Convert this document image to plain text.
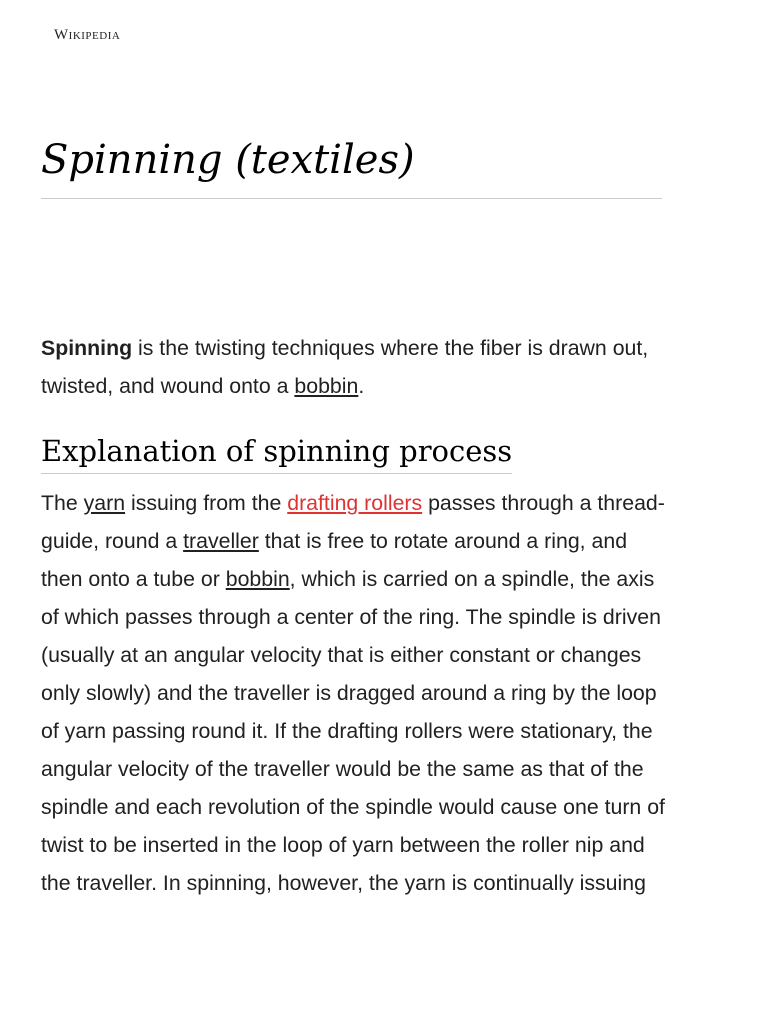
Wikipedia
Spinning (textiles)

Spinning is the twisting techniques where the fiber is drawn out, twisted, and wound onto a bobbin.

Explanation of spinning process

The yarn issuing from the drafting rollers passes through a thread-guide, round a traveller that is free to rotate around a ring, and then onto a tube or bobbin, which is carried on a spindle, the axis of which passes through a center of the ring. The spindle is driven (usually at an angular velocity that is either constant or changes only slowly) and the traveller is dragged around a ring by the loop of yarn passing round it. If the drafting rollers were stationary, the angular velocity of the traveller would be the same as that of the spindle and each revolution of the spindle would cause one turn of twist to be inserted in the loop of yarn between the roller nip and the traveller. In spinning, however, the yarn is continually issuing
